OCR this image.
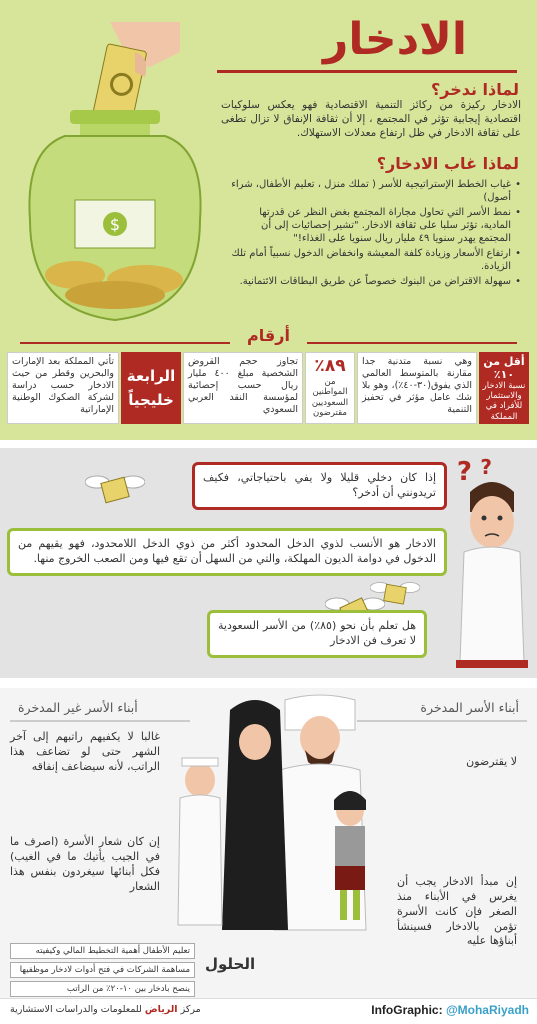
$
الادخار
لماذا ندخر؟
الادخار ركيزة من ركائز التنمية الاقتصادية فهو يعكس سلوكيات اقتصادية إيجابية تؤثر في المجتمع ، إلا أن ثقافة الإنفاق لا تزال تطغى على ثقافة الادخار في ظل ارتفاع معدلات الاستهلاك.
لماذا غاب الادخار؟
• غياب الخطط الإستراتيجية للأسر ( تملك منزل ، تعليم الأطفال، شراء أصول)
• نمط الأسر التي تحاول مجاراة المجتمع بغض النظر عن قدرتها المادية، تؤثر سلبا على ثقافة الادخار. "تشير إحصائيات إلى أن المجتمع يهدر سنويا ٤٩ مليار ريال سنويا على الغذاء!"
• ارتفاع الأسعار وزيادة كلفة المعيشة وانخفاض الدخول نسبياً أمام تلك الزيادة.
• سهولة الاقتراض من البنوك خصوصاً عن طريق البطاقات الائتمانية.
أرقام
أقل من ١٠٪
نسبة الادخار والاستثمار للأفراد في المملكة
وهي نسبة متدنية جدا مقارنة بالمتوسط العالمي الذي يفوق(٣٠-٤٠٪)، وهو بلا شك عامل مؤثر في تحفيز التنمية
٨٩٪
من المواطنين السعوديين مقترضون
تجاوز حجم القروض الشخصية مبلغ ٤٠٠ مليار ريال حسب إحصائية لمؤسسة النقد العربي السعودي
الرابعة خليجياً
تأتي المملكة بعد الإمارات والبحرين وقطر من حيث الادخار حسب دراسة لشركة الصكوك الوطنية الإماراتية
? ?
إذا كان دخلي قليلا ولا يفي باحتياجاتي، فكيف تريدونني أن أدخر؟
الادخار هو الأنسب لذوي الدخل المحدود أكثر من ذوي الدخل اللامحدود، فهو يقيهم من الدخول في دوامة الديون المهلكة، والتي من السهل أن تقع فيها ومن الصعب الخروج منها.
هل تعلم بأن نحو (٨٥٪) من الأسر السعودية لا تعرف فن الادخار
أبناء الأسر المدخرة
أبناء الأسر غير المدخرة
لا يقترضون
إن مبدأ الادخار يجب أن يغرس في الأبناء منذ الصغر فإن كانت الأسرة تؤمن بالادخار فسينشأ أبناؤها عليه
غالبا لا يكفيهم راتبهم إلى آخر الشهر حتى لو تضاعف هذا الراتب، لأنه سيضاعف إنفاقه
إن كان شعار الأسرة (اصرف ما في الجيب يأتيك ما في الغيب) فكل أبنائها سيغردون بنفس هذا الشعار
الحلول
تعليم الأطفال أهمية التخطيط المالي وكيفيته
مساهمة الشركات في فتح أدوات لادخار موظفيها
ينصح بادخار بين ١٠-٢٠٪ من الراتب
InfoGraphic: @MohaRiyadh
مركز الرياض للمعلومات والدراسات الاستشارية
